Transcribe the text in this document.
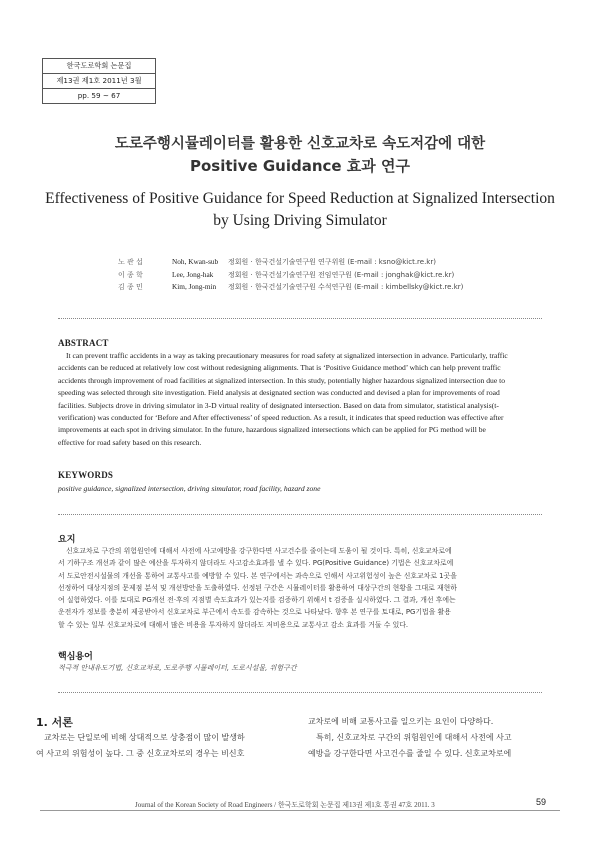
한국도로학회 논문집
제13권 제1호 2011년 3월
pp. 59 ~ 67
도로주행시뮬레이터를 활용한 신호교차로 속도저감에 대한
Positive Guidance 효과 연구
Effectiveness of Positive Guidance for Speed Reduction at Signalized Intersection
by Using Driving Simulator
노 관 섭	Noh, Kwan-sub 정회원 · 한국건설기술연구원 연구위원 (E-mail : ksno@kict.re.kr)
이 종 학	Lee, Jong-hak 정회원 · 한국건설기술연구원 전임연구원 (E-mail : jonghak@kict.re.kr)
김 종 민	Kim, Jong-min 정회원 · 한국건설기술연구원 수석연구원 (E-mail : kimbellsky@kict.re.kr)
ABSTRACT
It can prevent traffic accidents in a way as taking precautionary measures for road safety at signalized intersection in advance. Particularly, traffic
accidents can be reduced at relatively low cost without redesigning alignments. That is ‘Positive Guidance method’ which can help prevent traffic
accidents through improvement of road facilities at signalized intersection. In this study, potentially higher hazardous signalized intersection due to
speeding was selected through site investigation. Field analysis at designated section was conducted and devised a plan for improvements of road
facilities. Subjects drove in driving simulator in 3-D virtual reality of designated intersection. Based on data from simulator, statistical analysis(t-
verification) was conducted for ‘Before and After effectiveness’ of speed reduction. As a result, it indicates that speed reduction was effective after
improvements at each spot in driving simulator. In the future, hazardous signalized intersections which can be applied for PG method will be
effective for road safety based on this research.
KEYWORDS
positive guidance, signalized intersection, driving simulator, road facility, hazard zone
요지
신호교차로 구간의 위험원인에 대해서 사전에 사고예방을 강구한다면 사고건수를 줄이는데 도움이 될 것이다. 특히, 신호교차로에
서 기하구조 개선과 같이 많은 예산을 투자하지 않더라도 사고감소효과를 낼 수 있다. PG(Positive Guidance) 기법은 신호교차로에
서 도로안전시설물의 개선을 통하여 교통사고를 예방할 수 있다. 본 연구에서는 과속으로 인해서 사고위험성이 높은 신호교차로 1곳을
선정하여 대상지점의 문제점 분석 및 개선방안을 도출하였다. 선정된 구간은 시뮬레이터를 활용하여 대상구간의 현황을 그대로 재현하
여 실험하였다. 이를 토대로 PG개선 전·후의 지점별 속도효과가 있는지를 검증하기 위해서 t 검증을 실시하였다. 그 결과, 개선 후에는
운전자가 정보를 충분히 제공받아서 신호교차로 부근에서 속도를 감속하는 것으로 나타났다. 향후 본 연구를 토대로, PG기법을 활용
할 수 있는 일부 신호교차로에 대해서 많은 비용을 투자하지 않더라도 저비용으로 교통사고 감소 효과를 거둘 수 있다.
핵심용어
적극적 안내유도기법, 신호교차로, 도로주행 시뮬레이터, 도로시설물, 위험구간
1. 서론
교차로는 단일로에 비해 상대적으로 상충점이 많이 발생하
여 사고의 위험성이 높다. 그 중 신호교차로의 경우는 비신호
교차로에 비해 교통사고를 일으키는 요인이 다양하다.
특히, 신호교차로 구간의 위험원인에 대해서 사전에 사고
예방을 강구한다면 사고건수를 줄일 수 있다. 신호교차로에
Journal of the Korean Society of Road Engineers / 한국도로학회 논문집 제13권 제1호 통권 47호 2011. 3	59
